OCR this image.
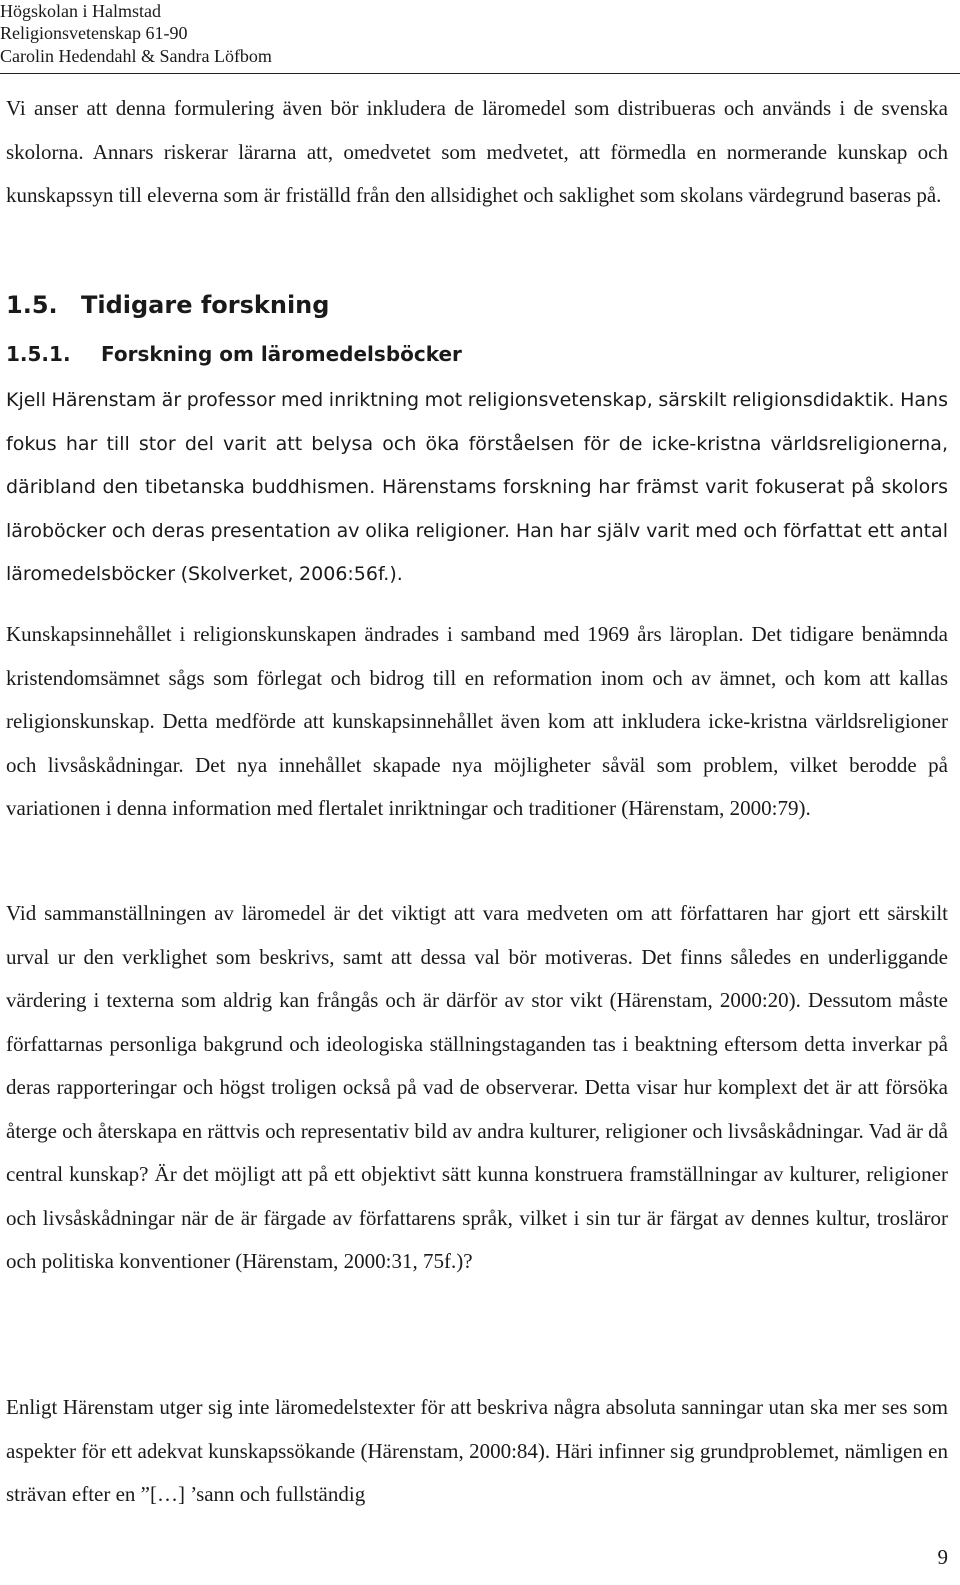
Högskolan i Halmstad
Religionsvetenskap 61-90
Carolin Hedendahl & Sandra Löfbom

Vi anser att denna formulering även bör inkludera de läromedel som distribueras och används i de svenska skolorna. Annars riskerar lärarna att, omedvetet som medvetet, att förmedla en normerande kunskap och kunskapssyn till eleverna som är friställd från den allsidighet och saklighet som skolans värdegrund baseras på.

1.5. Tidigare forskning
1.5.1. Forskning om läromedelsböcker

Kjell Härenstam är professor med inriktning mot religionsvetenskap, särskilt religionsdidaktik. Hans fokus har till stor del varit att belysa och öka förståelsen för de icke-kristna världsreligionerna, däribland den tibetanska buddhismen. Härenstams forskning har främst varit fokuserat på skolors läroböcker och deras presentation av olika religioner. Han har själv varit med och författat ett antal läromedelsböcker (Skolverket, 2006:56f.).

Kunskapsinnehållet i religionskunskapen ändrades i samband med 1969 års läroplan. Det tidigare benämnda kristendomsämnet sågs som förlegat och bidrog till en reformation inom och av ämnet, och kom att kallas religionskunskap. Detta medförde att kunskapsinnehållet även kom att inkludera icke-kristna världsreligioner och livsåskådningar. Det nya innehållet skapade nya möjligheter såväl som problem, vilket berodde på variationen i denna information med flertalet inriktningar och traditioner (Härenstam, 2000:79).

Vid sammanställningen av läromedel är det viktigt att vara medveten om att författaren har gjort ett särskilt urval ur den verklighet som beskrivs, samt att dessa val bör motiveras. Det finns således en underliggande värdering i texterna som aldrig kan frångås och är därför av stor vikt (Härenstam, 2000:20). Dessutom måste författarnas personliga bakgrund och ideologiska ställningstaganden tas i beaktning eftersom detta inverkar på deras rapporteringar och högst troligen också på vad de observerar. Detta visar hur komplext det är att försöka återge och återskapa en rättvis och representativ bild av andra kulturer, religioner och livsåskådningar. Vad är då central kunskap? Är det möjligt att på ett objektivt sätt kunna konstruera framställningar av kulturer, religioner och livsåskådningar när de är färgade av författarens språk, vilket i sin tur är färgat av dennes kultur, trosläror och politiska konventioner (Härenstam, 2000:31, 75f.)?

Enligt Härenstam utger sig inte läromedelstexter för att beskriva några absoluta sanningar utan ska mer ses som aspekter för ett adekvat kunskapssökande (Härenstam, 2000:84). Häri infinner sig grundproblemet, nämligen en strävan efter en ”[…] ’sann och fullständig

9
